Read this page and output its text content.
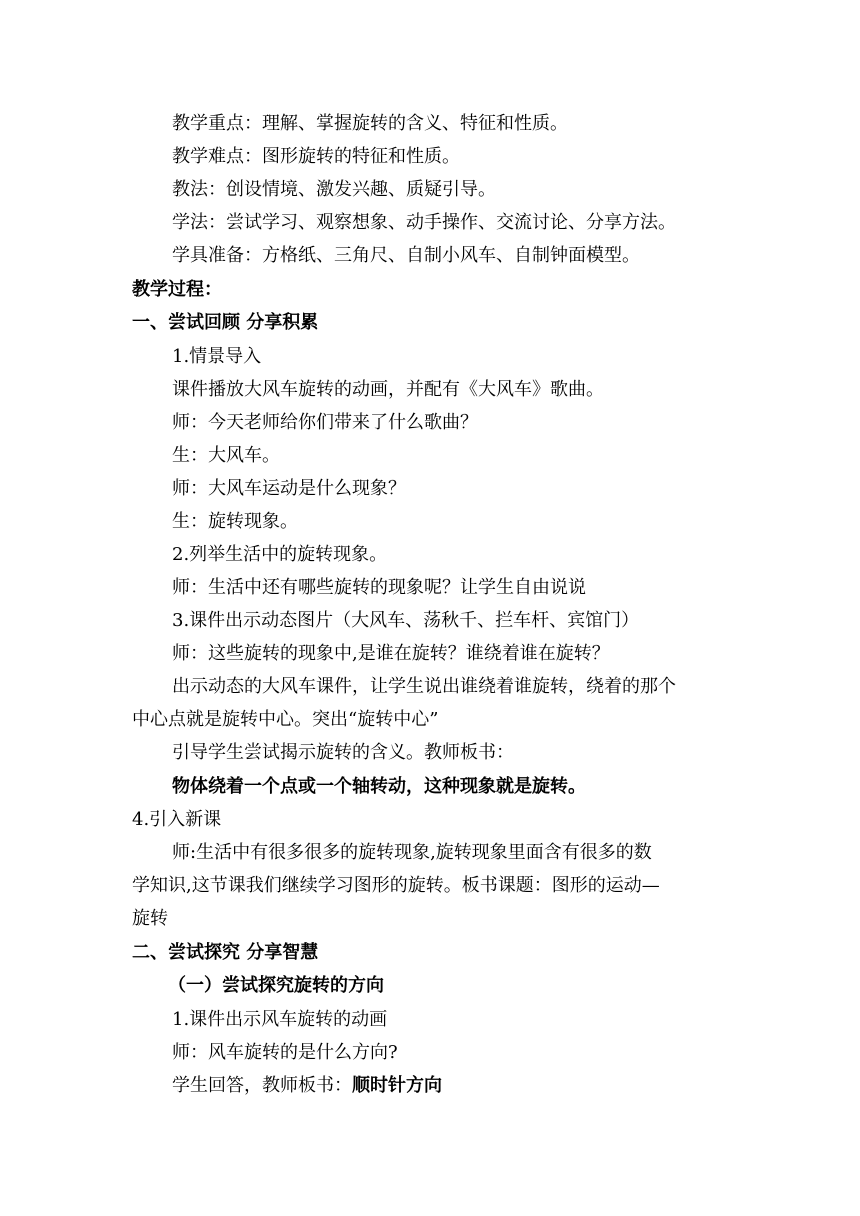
教学重点：理解、掌握旋转的含义、特征和性质。
教学难点：图形旋转的特征和性质。
教法：创设情境、激发兴趣、质疑引导。
学法：尝试学习、观察想象、动手操作、交流讨论、分享方法。
学具准备：方格纸、三角尺、自制小风车、自制钟面模型。
教学过程：
一、尝试回顾 分享积累
1.情景导入
课件播放大风车旋转的动画，并配有《大风车》歌曲。
师：今天老师给你们带来了什么歌曲？
生：大风车。
师：大风车运动是什么现象？
生：旋转现象。
2.列举生活中的旋转现象。
师：生活中还有哪些旋转的现象呢？让学生自由说说
3.课件出示动态图片（大风车、荡秋千、拦车杆、宾馆门）
师：这些旋转的现象中,是谁在旋转？谁绕着谁在旋转？
出示动态的大风车课件，让学生说出谁绕着谁旋转，绕着的那个
中心点就是旋转中心。突出“旋转中心”
引导学生尝试揭示旋转的含义。教师板书：
物体绕着一个点或一个轴转动，这种现象就是旋转。
4.引入新课
师:生活中有很多很多的旋转现象,旋转现象里面含有很多的数
学知识,这节课我们继续学习图形的旋转。板书课题：图形的运动—
旋转
二、尝试探究 分享智慧
（一）尝试探究旋转的方向
1.课件出示风车旋转的动画
师：风车旋转的是什么方向?
学生回答，教师板书：顺时针方向
